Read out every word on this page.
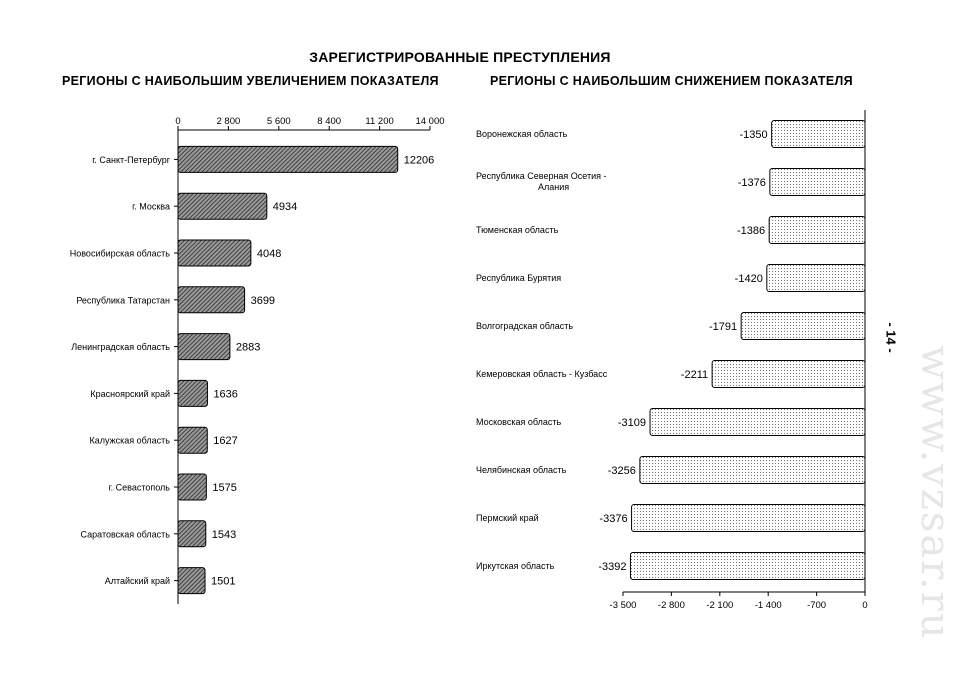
ЗАРЕГИСТРИРОВАННЫЕ ПРЕСТУПЛЕНИЯ
РЕГИОНЫ С НАИБОЛЬШИМ УВЕЛИЧЕНИЕМ ПОКАЗАТЕЛЯ	РЕГИОНЫ С НАИБОЛЬШИМ СНИЖЕНИЕМ ПОКАЗАТЕЛЯ
0	2 800	5 600	8 400	11 200 14 000
г. Санкт-Петербург	12206
г. Москва	4934
Новосибирская область	4048
Республика Татарстан	3699
Ленинградская область	2883
Красноярский край	1636
Калужская область	1627
г. Севастополь	1575
Саратовская область	1543
Алтайский край	1501
-3 500 -2 800 -2 100 -1 400	-700	0
Воронежская область	-1350
Республика Северная Осетия -Алания	-1376
Тюменская область	-1386
Республика Бурятия	-1420
Волгоградская область	-1791
Кемеровская область - Кузбасс	-2211
Московская область	-3109
Челябинская область	-3256
Пермский край	-3376
Иркутская область	-3392
- 14 -
www.vzsar.ru
